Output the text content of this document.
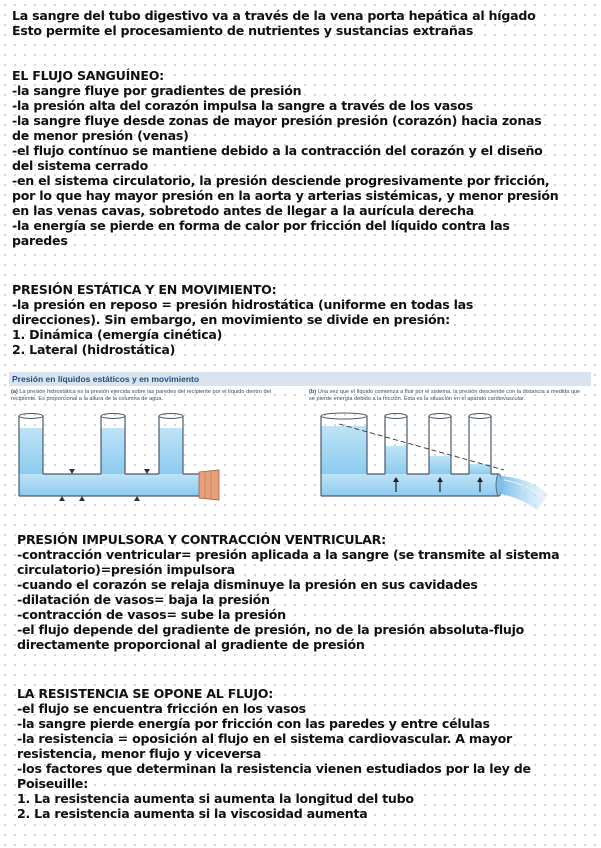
La sangre del tubo digestivo va a través de la vena porta hepática al hígado
Esto permite el procesamiento de nutrientes y sustancias extrañas
EL FLUJO SANGUÍNEO:
-la sangre fluye por gradientes de presión
-la presión alta del corazón impulsa la sangre a través de los vasos
-la sangre fluye desde zonas de mayor presión presión (corazón) hacia zonas
de menor presión (venas)
-el flujo contínuo se mantiene debido a la contracción del corazón y el diseño
del sistema cerrado
-en el sistema circulatorio, la presión desciende progresivamente por fricción,
por lo que hay mayor presión en la aorta y arterias sistémicas, y menor presión
en las venas cavas, sobretodo antes de llegar a la aurícula derecha
-la energía se pierde en forma de calor por fricción del líquido contra las
paredes
PRESIÓN ESTÁTICA Y EN MOVIMIENTO:
-la presión en reposo = presión hidrostática (uniforme en todas las
direcciones). Sin embargo, en movimiento se divide en presión:
1. Dinámica (emergía cinética)
2. Lateral (hidrostática)
Presión en líquidos estáticos y en movimiento
(a) La presión hidrostática es la presión ejercida sobre las paredes del recipiente por el líquido dentro del recipiente. Es proporcional a la altura de la columna de agua.
(b) Una vez que el líquido comienza a fluir por el sistema, la presión desciende con la distancia a medida que se pierde energía debido a la fricción. Esta es la situación en el aparato cardiovascular.
PRESIÓN IMPULSORA Y CONTRACCIÓN VENTRICULAR:
-contracción ventricular= presión aplicada a la sangre (se transmite al sistema
circulatorio)=presión impulsora
-cuando el corazón se relaja disminuye la presión en sus cavidades
-dilatación de vasos= baja la presión
-contracción de vasos= sube la presión
-el flujo depende del gradiente de presión, no de la presión absoluta-flujo
directamente proporcional al gradiente de presión
LA RESISTENCIA SE OPONE AL FLUJO:
-el flujo se encuentra fricción en los vasos
-la sangre pierde energía por fricción con las paredes y entre células
-la resistencia = oposición al flujo en el sistema cardiovascular. A mayor
resistencia, menor flujo y viceversa
-los factores que determinan la resistencia vienen estudiados por la ley de
Poiseuille:
1. La resistencia aumenta si aumenta la longitud del tubo
2. La resistencia aumenta si la viscosidad aumenta
